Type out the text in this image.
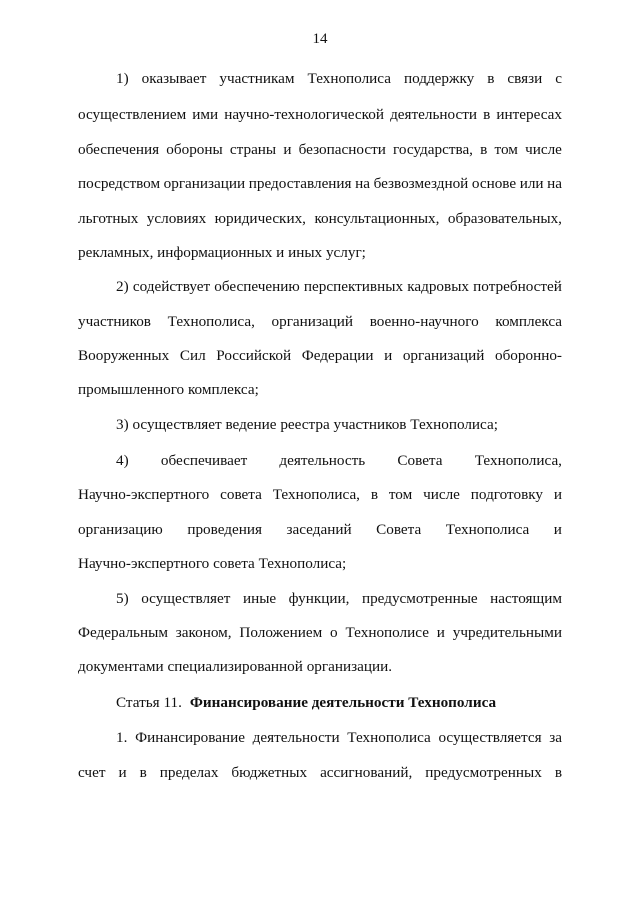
14
1) оказывает участникам Технополиса поддержку в связи с
осуществлением ими научно-технологической деятельности в интересах
обеспечения обороны страны и безопасности государства, в том числе
посредством организации предоставления на безвозмездной основе или на
льготных условиях юридических, консультационных, образовательных,
рекламных, информационных и иных услуг;
2) содействует обеспечению перспективных кадровых потребностей
участников Технополиса, организаций военно-научного комплекса
Вооруженных Сил Российской Федерации и организаций оборонно-
промышленного комплекса;
3) осуществляет ведение реестра участников Технополиса;
4) обеспечивает деятельность Совета Технополиса,
Научно-экспертного совета Технополиса, в том числе подготовку и
организацию проведения заседаний Совета Технополиса и
Научно-экспертного совета Технополиса;
5) осуществляет иные функции, предусмотренные настоящим
Федеральным законом, Положением о Технополисе и учредительными
документами специализированной организации.
Статья 11. Финансирование деятельности Технополиса
1. Финансирование деятельности Технополиса осуществляется за
счет и в пределах бюджетных ассигнований, предусмотренных в
